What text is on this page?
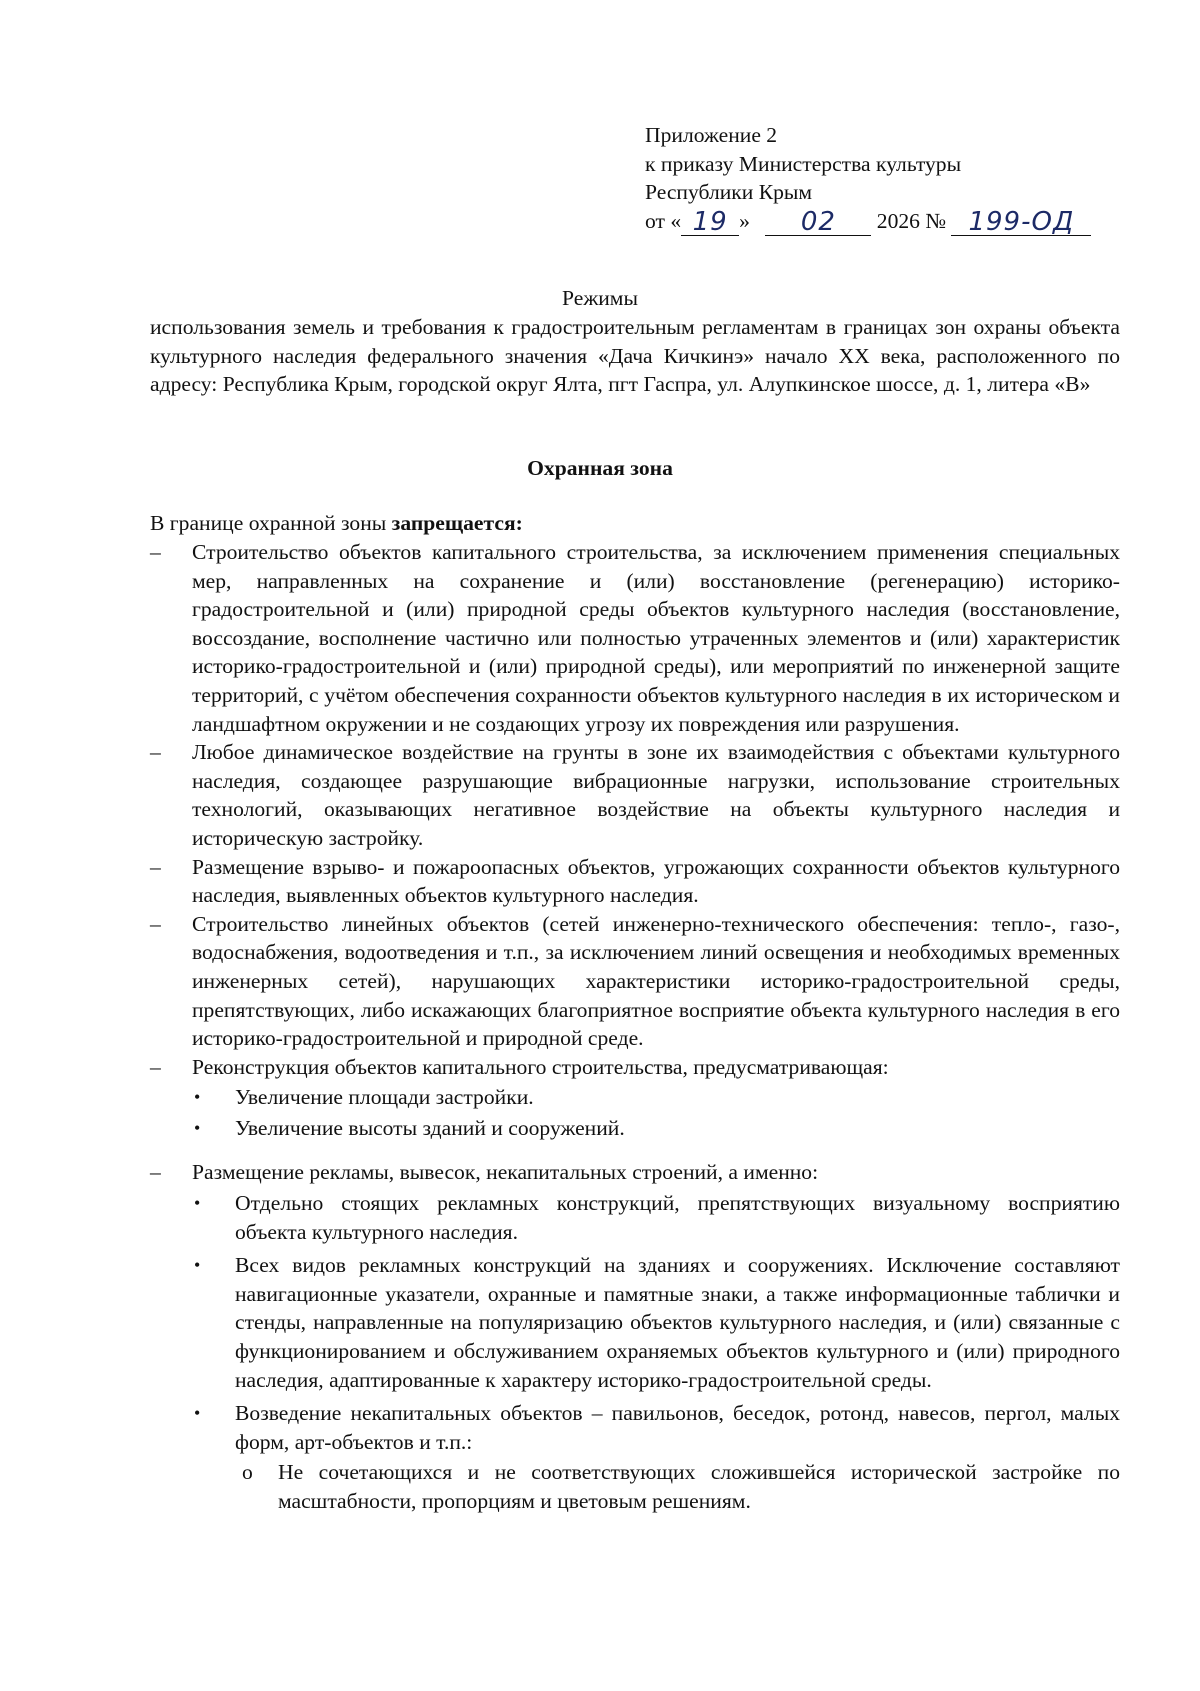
Приложение 2
к приказу Министерства культуры
Республики Крым
от « 19 »	02	2026 № 199-ОД
Режимы
использования земель и требования к градостроительным регламентам в границах зон охраны объекта культурного наследия федерального значения «Дача Кичкинэ» начало XX века, расположенного по адресу: Республика Крым, городской округ Ялта, пгт Гаспра, ул. Алупкинское шоссе, д. 1, литера «В»
Охранная зона
В границе охранной зоны запрещается:
– Строительство объектов капитального строительства, за исключением применения специальных мер, направленных на сохранение и (или) восстановление (регенерацию) историко-градостроительной и (или) природной среды объектов культурного наследия (восстановление, воссоздание, восполнение частично или полностью утраченных элементов и (или) характеристик историко-градостроительной и (или) природной среды), или мероприятий по инженерной защите территорий, с учётом обеспечения сохранности объектов культурного наследия в их историческом и ландшафтном окружении и не создающих угрозу их повреждения или разрушения.
– Любое динамическое воздействие на грунты в зоне их взаимодействия с объектами культурного наследия, создающее разрушающие вибрационные нагрузки, использование строительных технологий, оказывающих негативное воздействие на объекты культурного наследия и историческую застройку.
– Размещение взрыво- и пожароопасных объектов, угрожающих сохранности объектов культурного наследия, выявленных объектов культурного наследия.
– Строительство линейных объектов (сетей инженерно-технического обеспечения: тепло-, газо-, водоснабжения, водоотведения и т.п., за исключением линий освещения и необходимых временных инженерных сетей), нарушающих характеристики историко-градостроительной среды, препятствующих, либо искажающих благоприятное восприятие объекта культурного наследия в его историко-градостроительной и природной среде.
– Реконструкция объектов капитального строительства, предусматривающая:
• Увеличение площади застройки.
• Увеличение высоты зданий и сооружений.
– Размещение рекламы, вывесок, некапитальных строений, а именно:
• Отдельно стоящих рекламных конструкций, препятствующих визуальному восприятию объекта культурного наследия.
• Всех видов рекламных конструкций на зданиях и сооружениях. Исключение составляют навигационные указатели, охранные и памятные знаки, а также информационные таблички и стенды, направленные на популяризацию объектов культурного наследия, и (или) связанные с функционированием и обслуживанием охраняемых объектов культурного и (или) природного наследия, адаптированные к характеру историко-градостроительной среды.
• Возведение некапитальных объектов – павильонов, беседок, ротонд, навесов, пергол, малых форм, арт-объектов и т.п.:
o Не сочетающихся и не соответствующих сложившейся исторической застройке по масштабности, пропорциям и цветовым решениям.
